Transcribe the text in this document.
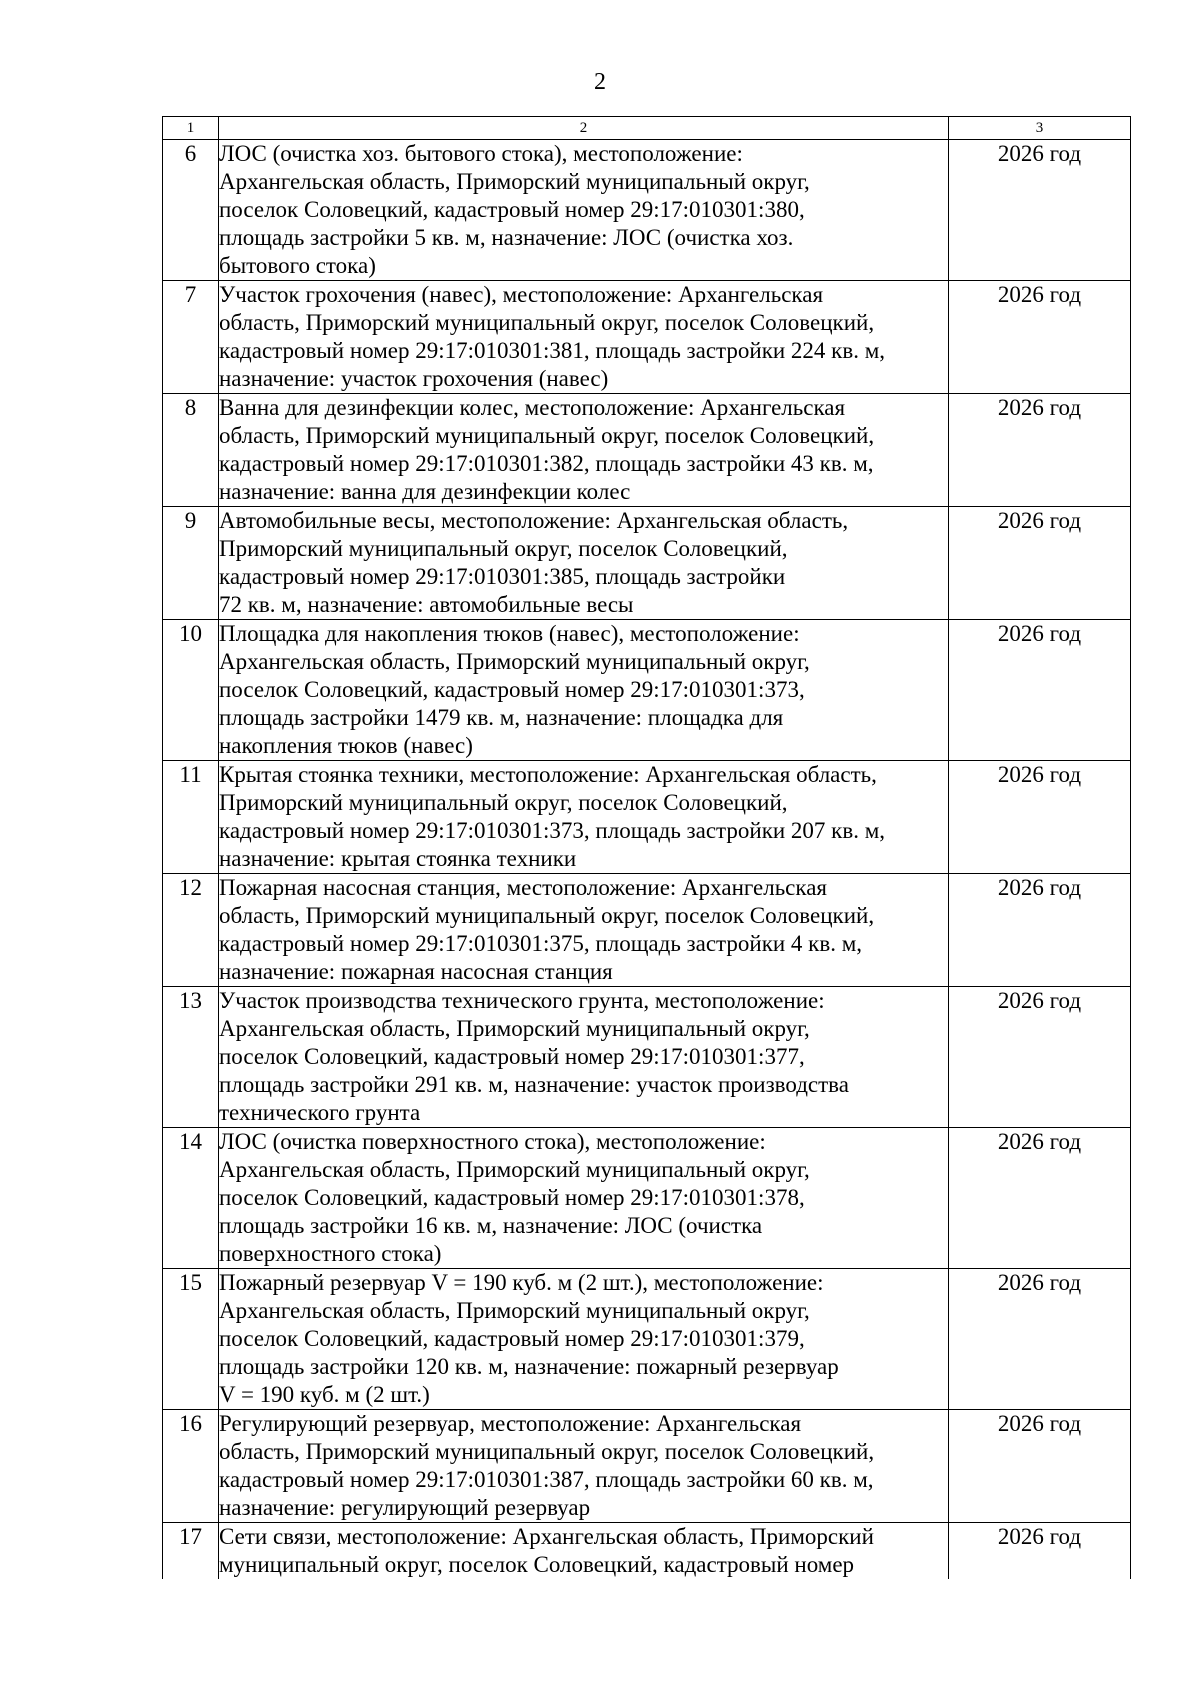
2
1	2	3
6	ЛОС (очистка хоз. бытового стока), местоположение:
Архангельская область, Приморский муниципальный округ,
поселок Соловецкий, кадастровый номер 29:17:010301:380,
площадь застройки 5 кв. м, назначение: ЛОС (очистка хоз.
бытового стока)	2026 год
7	Участок грохочения (навес), местоположение: Архангельская
область, Приморский муниципальный округ, поселок Соловецкий,
кадастровый номер 29:17:010301:381, площадь застройки 224 кв. м,
назначение: участок грохочения (навес)	2026 год
8	Ванна для дезинфекции колес, местоположение: Архангельская
область, Приморский муниципальный округ, поселок Соловецкий,
кадастровый номер 29:17:010301:382, площадь застройки 43 кв. м,
назначение: ванна для дезинфекции колес	2026 год
9	Автомобильные весы, местоположение: Архангельская область,
Приморский муниципальный округ, поселок Соловецкий,
кадастровый номер 29:17:010301:385, площадь застройки
72 кв. м, назначение: автомобильные весы	2026 год
10	Площадка для накопления тюков (навес), местоположение:
Архангельская область, Приморский муниципальный округ,
поселок Соловецкий, кадастровый номер 29:17:010301:373,
площадь застройки 1479 кв. м, назначение: площадка для
накопления тюков (навес)	2026 год
11	Крытая стоянка техники, местоположение: Архангельская область,
Приморский муниципальный округ, поселок Соловецкий,
кадастровый номер 29:17:010301:373, площадь застройки 207 кв. м,
назначение: крытая стоянка техники	2026 год
12	Пожарная насосная станция, местоположение: Архангельская
область, Приморский муниципальный округ, поселок Соловецкий,
кадастровый номер 29:17:010301:375, площадь застройки 4 кв. м,
назначение: пожарная насосная станция	2026 год
13	Участок производства технического грунта, местоположение:
Архангельская область, Приморский муниципальный округ,
поселок Соловецкий, кадастровый номер 29:17:010301:377,
площадь застройки 291 кв. м, назначение: участок производства
технического грунта	2026 год
14	ЛОС (очистка поверхностного стока), местоположение:
Архангельская область, Приморский муниципальный округ,
поселок Соловецкий, кадастровый номер 29:17:010301:378,
площадь застройки 16 кв. м, назначение: ЛОС (очистка
поверхностного стока)	2026 год
15	Пожарный резервуар V = 190 куб. м (2 шт.), местоположение:
Архангельская область, Приморский муниципальный округ,
поселок Соловецкий, кадастровый номер 29:17:010301:379,
площадь застройки 120 кв. м, назначение: пожарный резервуар
V = 190 куб. м (2 шт.)	2026 год
16	Регулирующий резервуар, местоположение: Архангельская
область, Приморский муниципальный округ, поселок Соловецкий,
кадастровый номер 29:17:010301:387, площадь застройки 60 кв. м,
назначение: регулирующий резервуар	2026 год
17	Сети связи, местоположение: Архангельская область, Приморский
муниципальный округ, поселок Соловецкий, кадастровый номер	2026 год
